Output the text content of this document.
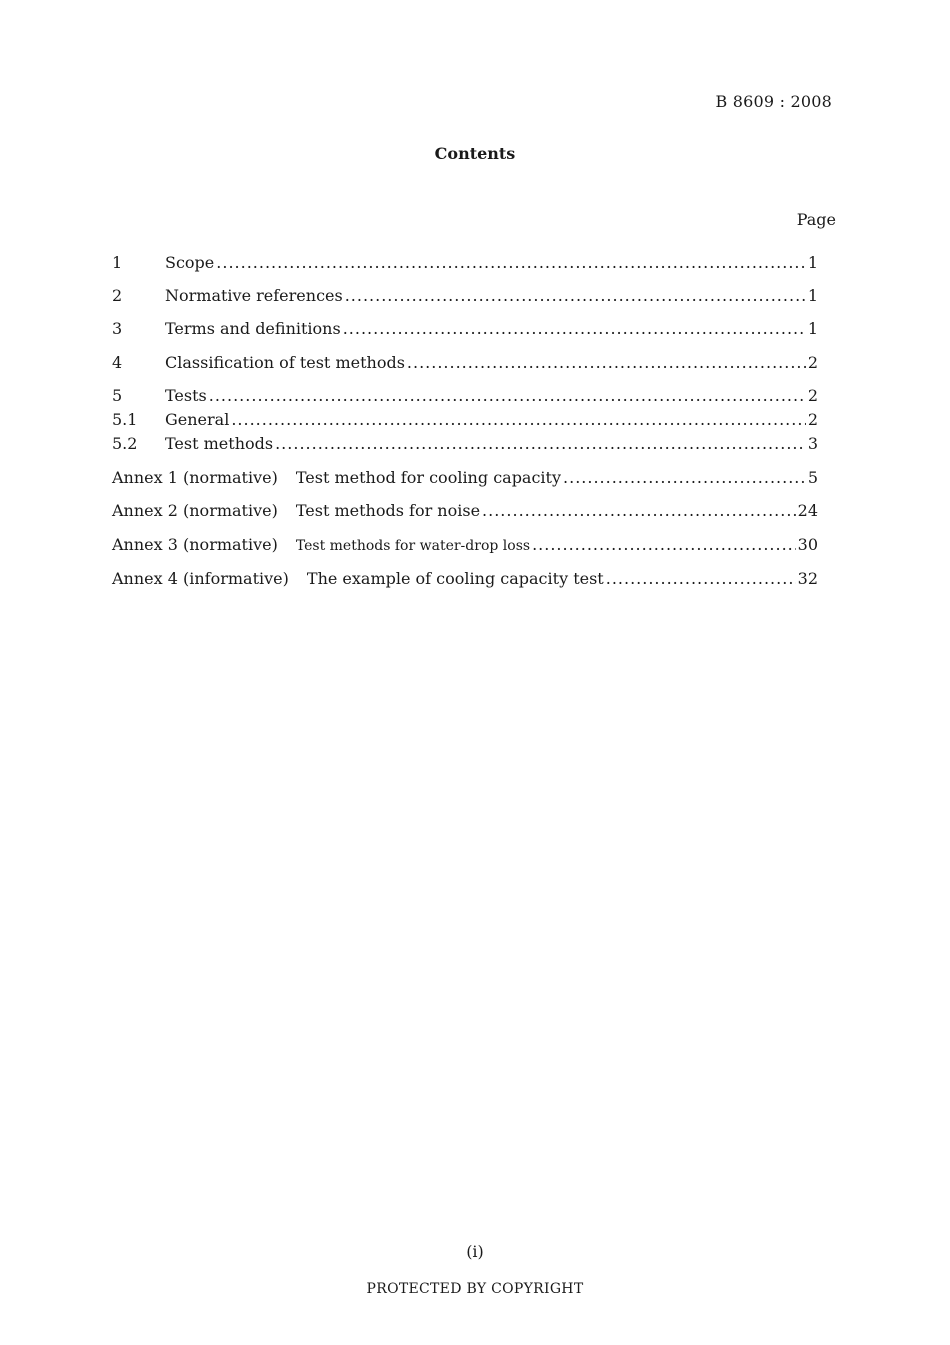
B 8609 : 2008
Contents
Page
1	Scope .....	1
2	Normative references .....	1
3	Terms and definitions .....	1
4	Classification of test methods .....	2
5	Tests .....	2
5.1	General .....	2
5.2	Test methods .....	3
Annex 1 (normative) Test method for cooling capacity .....	5
Annex 2 (normative) Test methods for noise .....	24
Annex 3 (normative) Test methods for water-drop loss .....	30
Annex 4 (informative) The example of cooling capacity test .....	32
(i)
PROTECTED BY COPYRIGHT
